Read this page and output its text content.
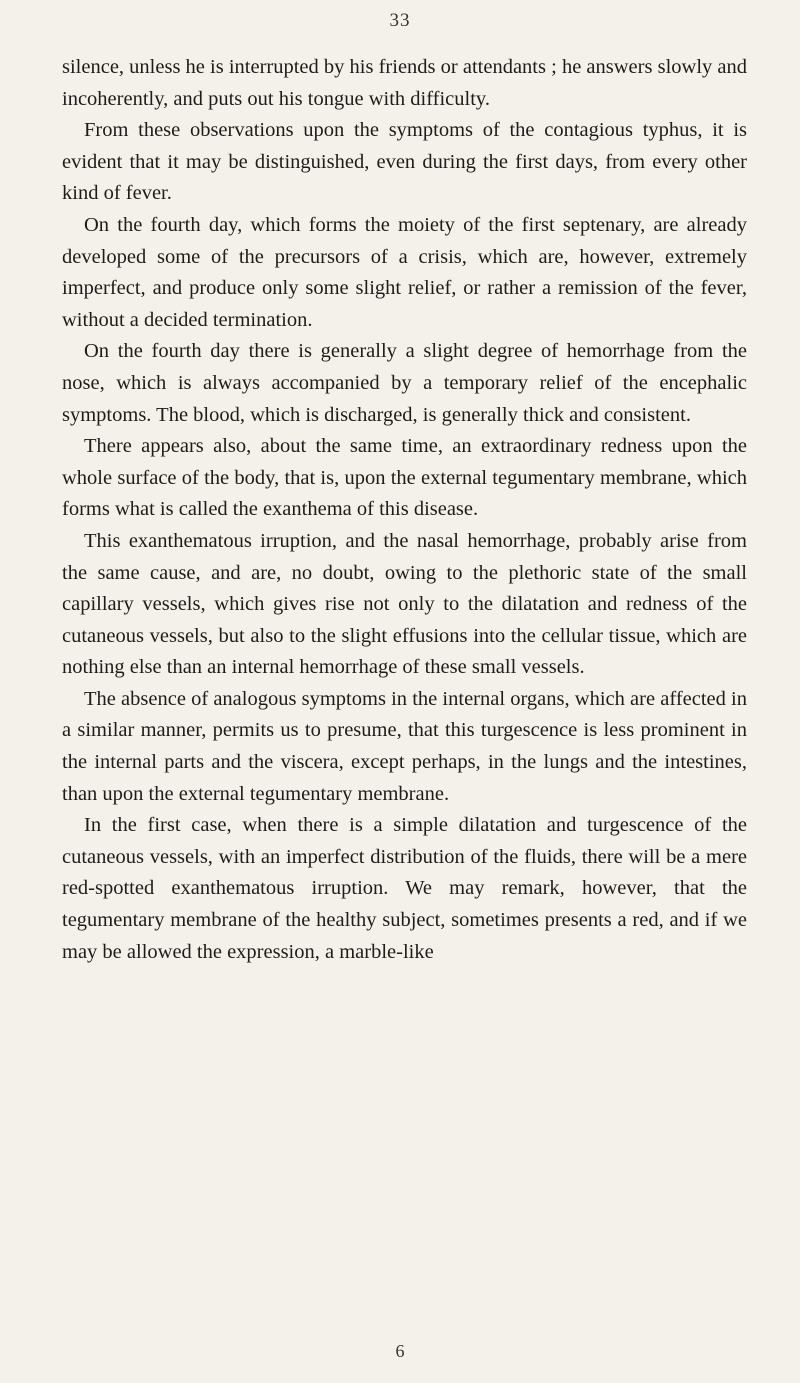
33

silence, unless he is interrupted by his friends or attendants ; he answers slowly and incoherently, and puts out his tongue with difficulty.

From these observations upon the symptoms of the contagious typhus, it is evident that it may be distinguished, even during the first days, from every other kind of fever.

On the fourth day, which forms the moiety of the first septenary, are already developed some of the precursors of a crisis, which are, however, extremely imperfect, and produce only some slight relief, or rather a remission of the fever, without a decided termination.

On the fourth day there is generally a slight degree of hemorrhage from the nose, which is always accompanied by a temporary relief of the encephalic symptoms. The blood, which is discharged, is generally thick and consistent.

There appears also, about the same time, an extraordinary redness upon the whole surface of the body, that is, upon the external tegumentary membrane, which forms what is called the exanthema of this disease.

This exanthematous irruption, and the nasal hemorrhage, probably arise from the same cause, and are, no doubt, owing to the plethoric state of the small capillary vessels, which gives rise not only to the dilatation and redness of the cutaneous vessels, but also to the slight effusions into the cellular tissue, which are nothing else than an internal hemorrhage of these small vessels.

The absence of analogous symptoms in the internal organs, which are affected in a similar manner, permits us to presume, that this turgescence is less prominent in the internal parts and the viscera, except perhaps, in the lungs and the intestines, than upon the external tegumentary membrane.

In the first case, when there is a simple dilatation and turgescence of the cutaneous vessels, with an imperfect distribution of the fluids, there will be a mere red-spotted exanthematous irruption. We may remark, however, that the tegumentary membrane of the healthy subject, sometimes presents a red, and if we may be allowed the expression, a marble-like

6
